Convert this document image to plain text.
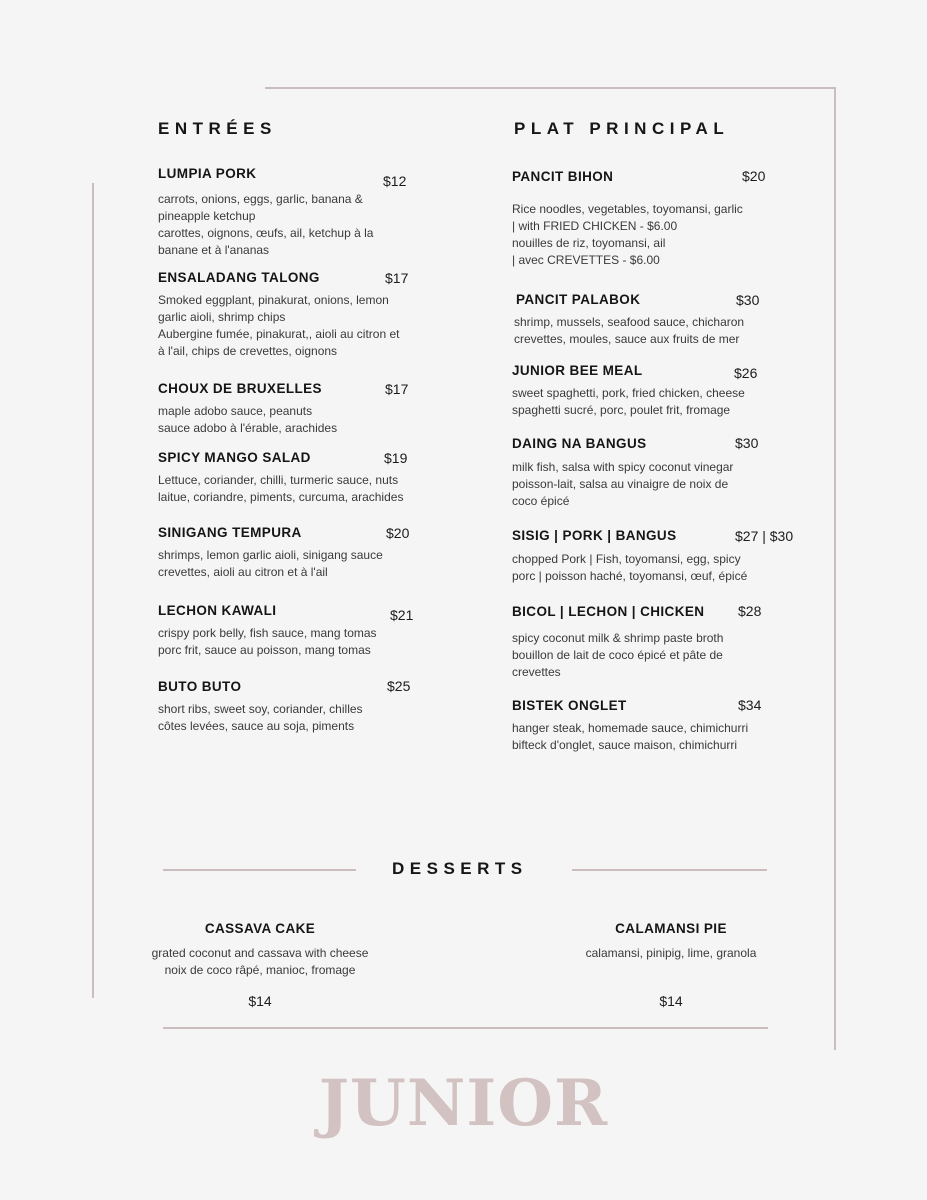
ENTRÉES	PLAT PRINCIPAL
DESSERTS
LUMPIA PORK	$12
carrots, onions, eggs, garlic, banana &
pineapple ketchup
carottes, oignons, œufs, ail, ketchup à la
banane et à l'ananas
ENSALADANG TALONG	$17
Smoked eggplant, pinakurat, onions, lemon
garlic aioli, shrimp chips
Aubergine fumée, pinakurat,, aioli au citron et
à l'ail, chips de crevettes, oignons
CHOUX DE BRUXELLES	$17
maple adobo sauce, peanuts
sauce adobo à l'érable, arachides
SPICY MANGO SALAD	$19
Lettuce, coriander, chilli, turmeric sauce, nuts
laitue, coriandre, piments, curcuma, arachides
SINIGANG TEMPURA	$20
shrimps, lemon garlic aioli, sinigang sauce
crevettes, aioli au citron et à l'ail
LECHON KAWALI	$21
crispy pork belly, fish sauce, mang tomas
porc frit, sauce au poisson, mang tomas
BUTO BUTO	$25
short ribs, sweet soy, coriander, chilles
côtes levées, sauce au soja, piments
PANCIT BIHON	$20
Rice noodles, vegetables, toyomansi, garlic
| with FRIED CHICKEN - $6.00
nouilles de riz, toyomansi, ail
| avec CREVETTES - $6.00
PANCIT PALABOK	$30
shrimp, mussels, seafood sauce, chicharon
crevettes, moules, sauce aux fruits de mer
JUNIOR BEE MEAL	$26
sweet spaghetti, pork, fried chicken, cheese
spaghetti sucré, porc, poulet frit, fromage
DAING NA BANGUS	$30
milk fish, salsa with spicy coconut vinegar
poisson-lait, salsa au vinaigre de noix de
coco épicé
SISIG | PORK | BANGUS	$27 | $30
chopped Pork | Fish, toyomansi, egg, spicy
porc | poisson haché, toyomansi, œuf, épicé
BICOL | LECHON | CHICKEN $28
spicy coconut milk & shrimp paste broth
bouillon de lait de coco épicé et pâte de
crevettes
BISTEK ONGLET	$34
hanger steak, homemade sauce, chimichurri
bifteck d'onglet, sauce maison, chimichurri
CASSAVA CAKE
grated coconut and cassava with cheese
noix de coco râpé, manioc, fromage
$14
CALAMANSI PIE
calamansi, pinipig, lime, granola
$14
JUNIOR
